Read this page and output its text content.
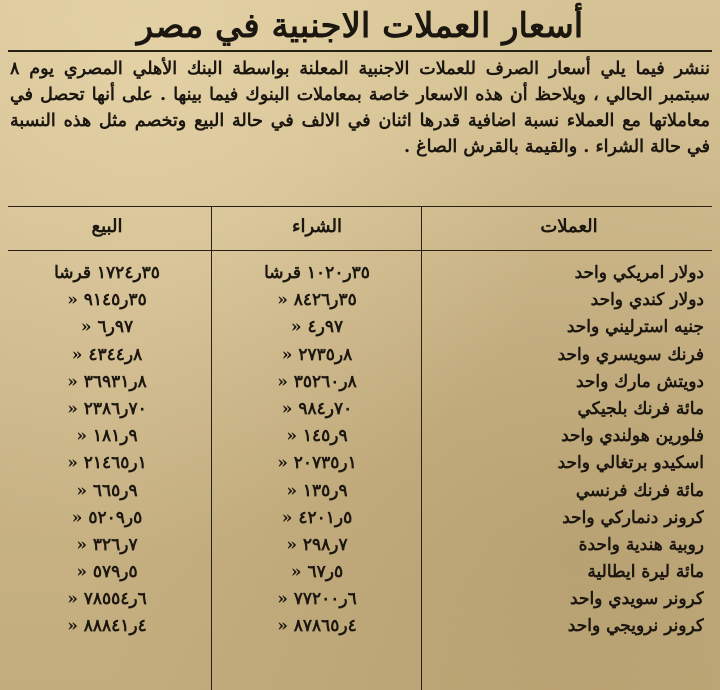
أسعار العملات الاجنبية في مصر

ننشر فيما يلي أسعار الصرف للعملات الاجنبية المعلنة بواسطة البنك الأهلي المصري يوم ٨ سبتمبر الحالي ، ويلاحظ أن هذه الاسعار خاصة بمعاملات البنوك فيما بينها . على أنها تحصل في معاملاتها مع العملاء نسبة اضافية قدرها اثنان في الالف في حالة البيع وتخصم مثل هذه النسبة في حالة الشراء . والقيمة بالقرش الصاغ .

العملات
الشراء
البيع
دولار امريكي واحد
۳٥ر۱۰۲۰ قرشا
۳٥ر۱۷۲٤ قرشا
دولار كندي واحد
۳٥ر۸٤۲٦ «
۳٥ر۹۱٤٥ «
جنيه استرليني واحد
۹۷ر٤ «
۹۷ر٦ «
فرنك سويسري واحد
۸ر۲۷۳٥ «
۸ر٤۳٤٤ «
دويتش مارك واحد
۸ر۳٥۲٦٠ «
۸ر۳٦۹۳۱ «
مائة فرنك بلجيكي
۷۰ر۹۸٤ «
۷۰ر۲۳۸٦ «
فلورين هولندي واحد
۹ر۱٤٥ «
۹ر۱۸۱ «
اسكيدو برتغالي واحد
۱ر۲۰۷۳٥ «
۱ر۲۱٤٦٥ «
مائة فرنك فرنسي
۹ر۱۳٥ «
۹ر٦٦٥ «
كرونر دنماركي واحد
٥ر٤۲۰۱ «
٥ر٥۲۰۹ «
روبية هندية واحدة
۷ر۲۹۸ «
۷ر۳۲٦ «
مائة ليرة ايطالية
٥ر٦۷ «
٥ر٥۷۹ «
كرونر سويدي واحد
٦ر۷۷۲۰۰ «
٦ر۷۸٥٥٤ «
كرونر نرويجي واحد
٤ر۸۷۸٦٥ «
٤ر۸۸۸٤۱ «
